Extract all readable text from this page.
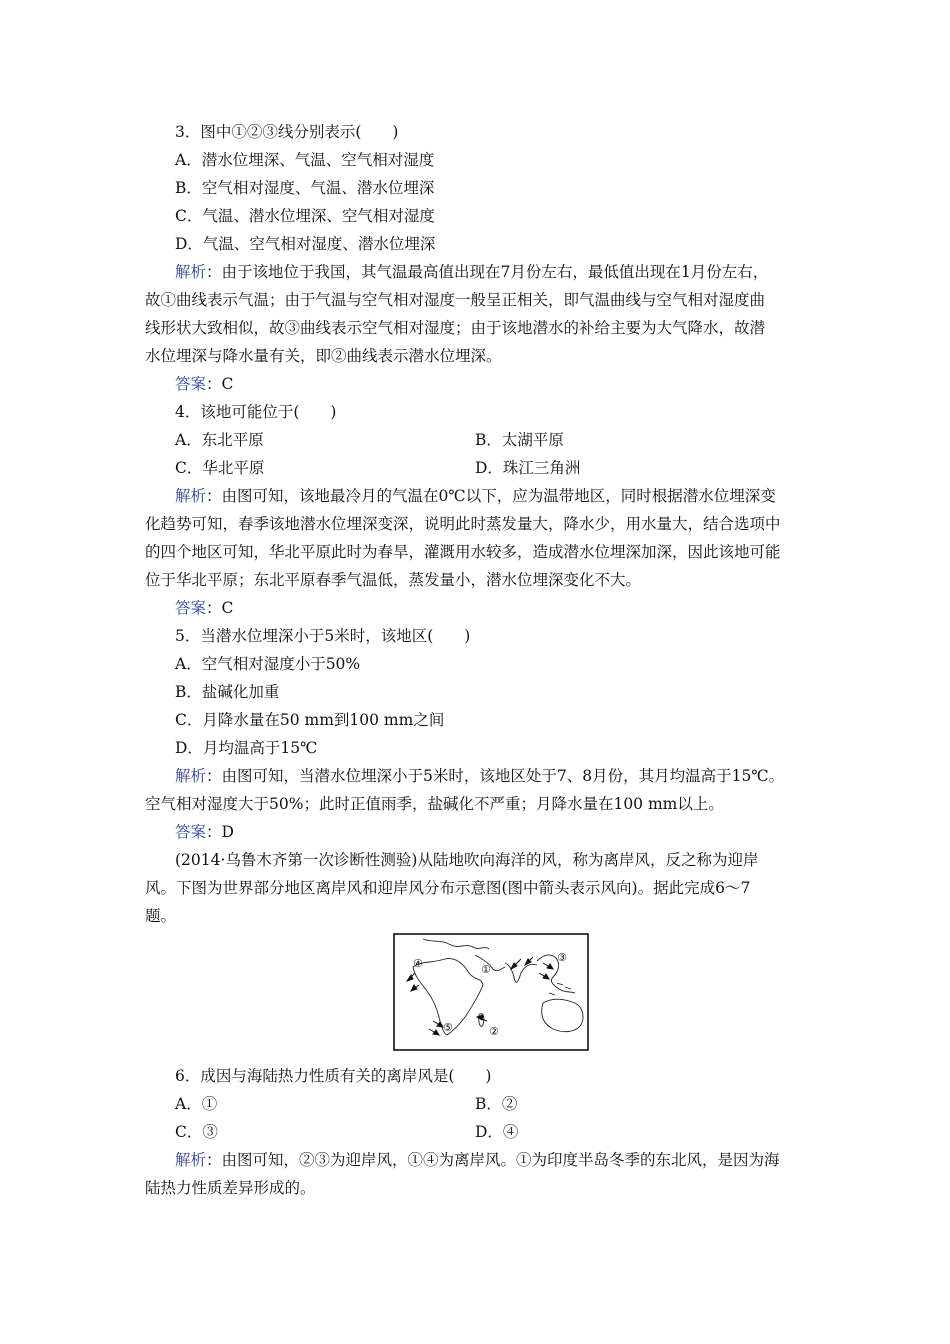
3．图中①②③线分别表示(　　)
A．潜水位埋深、气温、空气相对湿度
B．空气相对湿度、气温、潜水位埋深
C．气温、潜水位埋深、空气相对湿度
D．气温、空气相对湿度、潜水位埋深
解析：由于该地位于我国，其气温最高值出现在7月份左右，最低值出现在1月份左右，
故①曲线表示气温；由于气温与空气相对湿度一般呈正相关，即气温曲线与空气相对湿度曲
线形状大致相似，故③曲线表示空气相对湿度；由于该地潜水的补给主要为大气降水，故潜
水位埋深与降水量有关，即②曲线表示潜水位埋深。
答案：C
4．该地可能位于(　　)
A．东北平原	B．太湖平原
C．华北平原	D．珠江三角洲
解析：由图可知，该地最冷月的气温在0℃以下，应为温带地区，同时根据潜水位埋深变
化趋势可知，春季该地潜水位埋深变深，说明此时蒸发量大，降水少，用水量大，结合选项中
的四个地区可知，华北平原此时为春旱，灌溉用水较多，造成潜水位埋深加深，因此该地可能
位于华北平原；东北平原春季气温低，蒸发量小，潜水位埋深变化不大。
答案：C
5．当潜水位埋深小于5米时，该地区(　　)
A．空气相对湿度小于50%
B．盐碱化加重
C．月降水量在50 mm到100 mm之间
D．月均温高于15℃
解析：由图可知，当潜水位埋深小于5米时，该地区处于7、8月份，其月均温高于15℃。
空气相对湿度大于50%；此时正值雨季，盐碱化不严重；月降水量在100 mm以上。
答案：D
(2014·乌鲁木齐第一次诊断性测验)从陆地吹向海洋的风，称为离岸风，反之称为迎岸
风。下图为世界部分地区离岸风和迎岸风分布示意图(图中箭头表示风向)。据此完成6～7
题。
①
②
③
④
⑤
6．成因与海陆热力性质有关的离岸风是(　　)
A．①	B．②
C．③	D．④
解析：由图可知，②③为迎岸风，①④为离岸风。①为印度半岛冬季的东北风，是因为海
陆热力性质差异形成的。
